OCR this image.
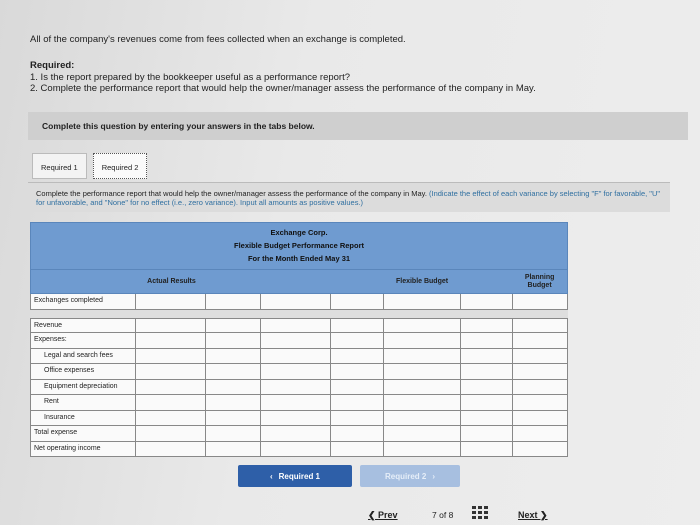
All of the company's revenues come from fees collected when an exchange is completed.
Required:
1. Is the report prepared by the bookkeeper useful as a performance report?
2. Complete the performance report that would help the owner/manager assess the performance of the company in May.
Complete this question by entering your answers in the tabs below.
Required 1	Required 2
Complete the performance report that would help the owner/manager assess the performance of the company in May. (Indicate the effect of each variance by selecting "F" for favorable, "U" for unfavorable, and "None" for no effect (i.e., zero variance). Input all amounts as positive values.)
Exchange Corp.
Flexible Budget Performance Report
For the Month Ended May 31
Actual Results	Flexible Budget
Planning Budget
Exchanges completed
Revenue
Expenses:
Legal and search fees
Office expenses
Equipment depreciation
Rent
Insurance
Total expense
Net operating income
‹ Required 1	Required 2 ›
❮ Prev	7 of 8	Next ❯
